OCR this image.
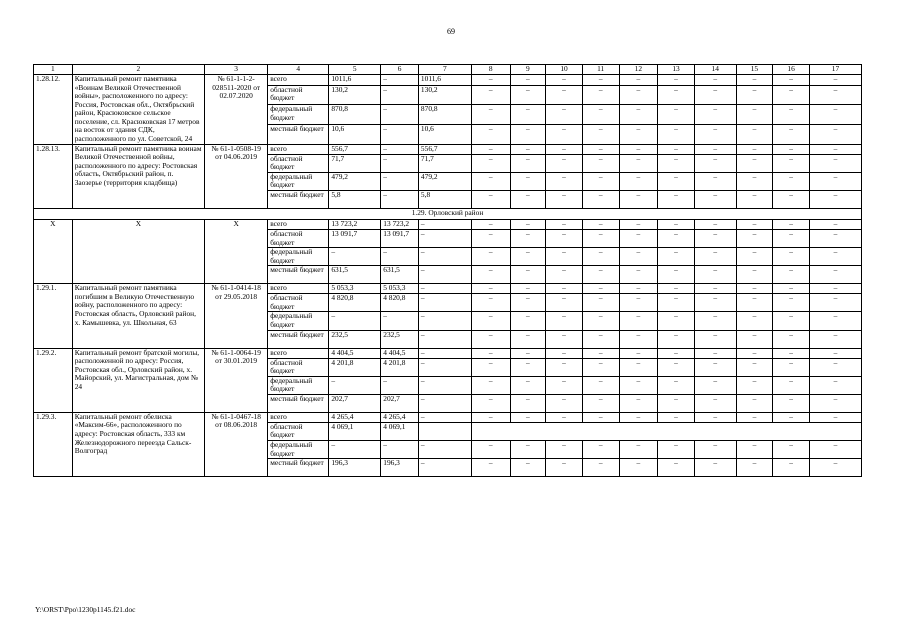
69
1	2	3	4	5	6	7	8	9	10	11	12	13	14	15	16	17
1.28.12.	Капитальный ремонт памятника «Воинам Великой Отечественной войны», расположенного по адресу: Россия, Ростовская обл., Октябрьский район, Красюковское сельское поселение, сл. Красюковская 17 метров на восток от здания СДК, расположенного по ул. Советской, 24	№ 61-1-1-2-028511-2020 от 02.07.2020	всего	1011,6	–	1011,6	–	–	–	–	–	–	–	–	–	–
			областной бюджет	130,2	–	130,2	–	–	–	–	–	–	–	–	–	–
			федеральный бюджет	870,8	–	870,8	–	–	–	–	–	–	–	–	–	–
			местный бюджет	10,6	–	10,6	–	–	–	–	–	–	–	–	–	–
1.28.13.	Капитальный ремонт памятника воинам Великой Отечественной войны, расположенного по адресу: Ростовская область, Октябрьский район, п. Заозерье (территория кладбища)	№ 61-1-0508-19 от 04.06.2019	всего	556,7	–	556,7	–	–	–	–	–	–	–	–	–	–
			областной бюджет	71,7	–	71,7	–	–	–	–	–	–	–	–	–	–
			федеральный бюджет	479,2	–	479,2	–	–	–	–	–	–	–	–	–	–
			местный бюджет	5,8	–	5,8	–	–	–	–	–	–	–	–	–	–
1.29. Орловский район																
Х	Х	Х	всего	13 723,2	13 723,2	–	–	–	–	–	–	–	–	–	–	–
			областной бюджет	13 091,7	13 091,7	–	–	–	–	–	–	–	–	–	–	–
			федеральный бюджет	–	–	–	–	–	–	–	–	–	–	–	–	–
			местный бюджет	631,5	631,5	–	–	–	–	–	–	–	–	–	–	–
1.29.1.	Капитальный ремонт памятника погибшим в Великую Отечественную войну, расположенного по адресу: Ростовская область, Орловский район, х. Камышевка, ул. Школьная, 63	№ 61-1-0414-18 от 29.05.2018	всего	5 053,3	5 053,3	–	–	–	–	–	–	–	–	–	–	–
			областной бюджет	4 820,8	4 820,8	–	–	–	–	–	–	–	–	–	–	–
			федеральный бюджет	–	–	–	–	–	–	–	–	–	–	–	–	–
			местный бюджет	232,5	232,5	–	–	–	–	–	–	–	–	–	–	–
1.29.2.	Капитальный ремонт братской могилы, расположенной по адресу: Россия, Ростовская обл., Орловский район, х. Майорский, ул. Магистральная, дом № 24	№ 61-1-0064-19 от 30.01.2019	всего	4 404,5	4 404,5	–	–	–	–	–	–	–	–	–	–	–
			областной бюджет	4 201,8	4 201,8	–	–	–	–	–	–	–	–	–	–	–
			федеральный бюджет	–	–	–	–	–	–	–	–	–	–	–	–	–
			местный бюджет	202,7	202,7	–	–	–	–	–	–	–	–	–	–	–
1.29.3.	Капитальный ремонт обелиска «Максим-66», расположенного по адресу: Ростовская область, 333 км Железнодорожного переезда Сальск-Волгоград	№ 61-1-0467-18 от 08.06.2018	всего	4 265,4	4 265,4	–	–	–	–	–	–	–	–	–	–	–
			областной бюджет	4 069,1	4 069,1											
			федеральный бюджет	–	–	–	–	–	–	–	–	–	–	–	–	–
			местный бюджет	196,3	196,3	–	–	–	–	–	–	–	–	–	–	–
Y:\ORST\Ppo\1230p1145.f21.doc
